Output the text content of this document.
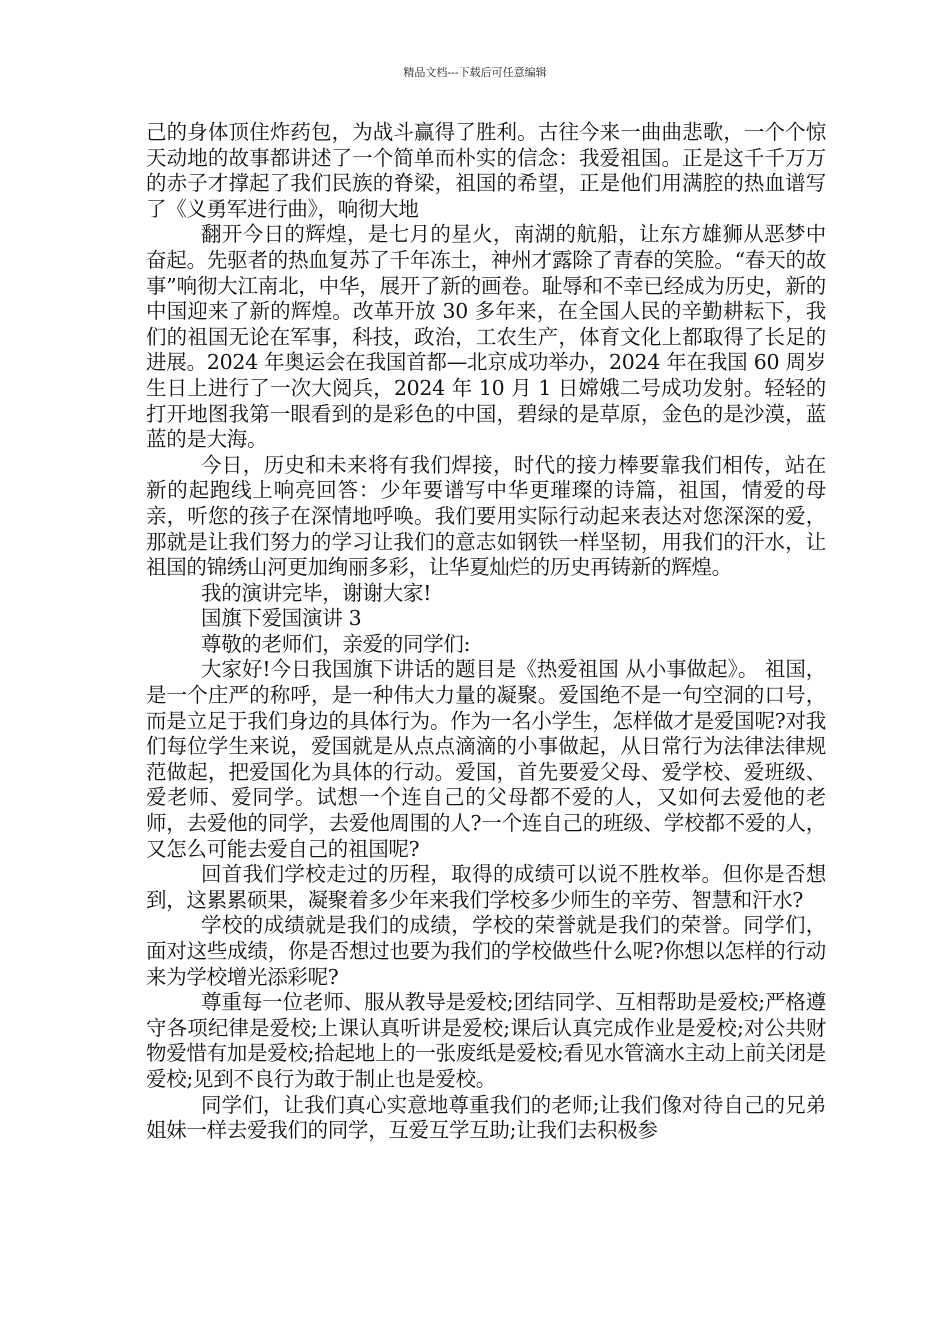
精品文档---下载后可任意编辑

己的身体顶住炸药包，为战斗赢得了胜利。古往今来一曲曲悲歌，一个个惊天动地的故事都讲述了一个简单而朴实的信念：我爱祖国。正是这千千万万的赤子才撑起了我们民族的脊梁，祖国的希望，正是他们用满腔的热血谱写了《义勇军进行曲》，响彻大地

翻开今日的辉煌，是七月的星火，南湖的航船，让东方雄狮从恶梦中奋起。先驱者的热血复苏了千年冻土，神州才露除了青春的笑脸。“春天的故事”响彻大江南北，中华，展开了新的画卷。耻辱和不幸已经成为历史，新的中国迎来了新的辉煌。改革开放 30 多年来，在全国人民的辛勤耕耘下，我们的祖国无论在军事，科技，政治，工农生产，体育文化上都取得了长足的进展。2024 年奥运会在我国首都—北京成功举办，2024 年在我国 60 周岁生日上进行了一次大阅兵，2024 年 10 月 1 日嫦娥二号成功发射。轻轻的打开地图我第一眼看到的是彩色的中国，碧绿的是草原，金色的是沙漠，蓝蓝的是大海。

今日，历史和未来将有我们焊接，时代的接力棒要靠我们相传，站在新的起跑线上响亮回答：少年要谱写中华更璀璨的诗篇，祖国，情爱的母亲，听您的孩子在深情地呼唤。我们要用实际行动起来表达对您深深的爱，那就是让我们努力的学习让我们的意志如钢铁一样坚韧，用我们的汗水，让祖国的锦绣山河更加绚丽多彩，让华夏灿烂的历史再铸新的辉煌。

我的演讲完毕，谢谢大家!

国旗下爱国演讲 3

尊敬的老师们，亲爱的同学们:

大家好!今日我国旗下讲话的题目是《热爱祖国 从小事做起》。 祖国，是一个庄严的称呼，是一种伟大力量的凝聚。爱国绝不是一句空洞的口号，而是立足于我们身边的具体行为。作为一名小学生，怎样做才是爱国呢?对我们每位学生来说，爱国就是从点点滴滴的小事做起，从日常行为法律法律规范做起，把爱国化为具体的行动。爱国，首先要爱父母、爱学校、爱班级、爱老师、爱同学。试想一个连自己的父母都不爱的人，又如何去爱他的老师，去爱他的同学，去爱他周围的人?一个连自己的班级、学校都不爱的人，又怎么可能去爱自己的祖国呢?

回首我们学校走过的历程，取得的成绩可以说不胜枚举。但你是否想到，这累累硕果，凝聚着多少年来我们学校多少师生的辛劳、智慧和汗水?

学校的成绩就是我们的成绩，学校的荣誉就是我们的荣誉。同学们，面对这些成绩，你是否想过也要为我们的学校做些什么呢?你想以怎样的行动来为学校增光添彩呢?

尊重每一位老师、服从教导是爱校;团结同学、互相帮助是爱校;严格遵守各项纪律是爱校;上课认真听讲是爱校;课后认真完成作业是爱校;对公共财物爱惜有加是爱校;拾起地上的一张废纸是爱校;看见水管滴水主动上前关闭是爱校;见到不良行为敢于制止也是爱校。

同学们，让我们真心实意地尊重我们的老师;让我们像对待自己的兄弟姐妹一样去爱我们的同学，互爱互学互助;让我们去积极参
